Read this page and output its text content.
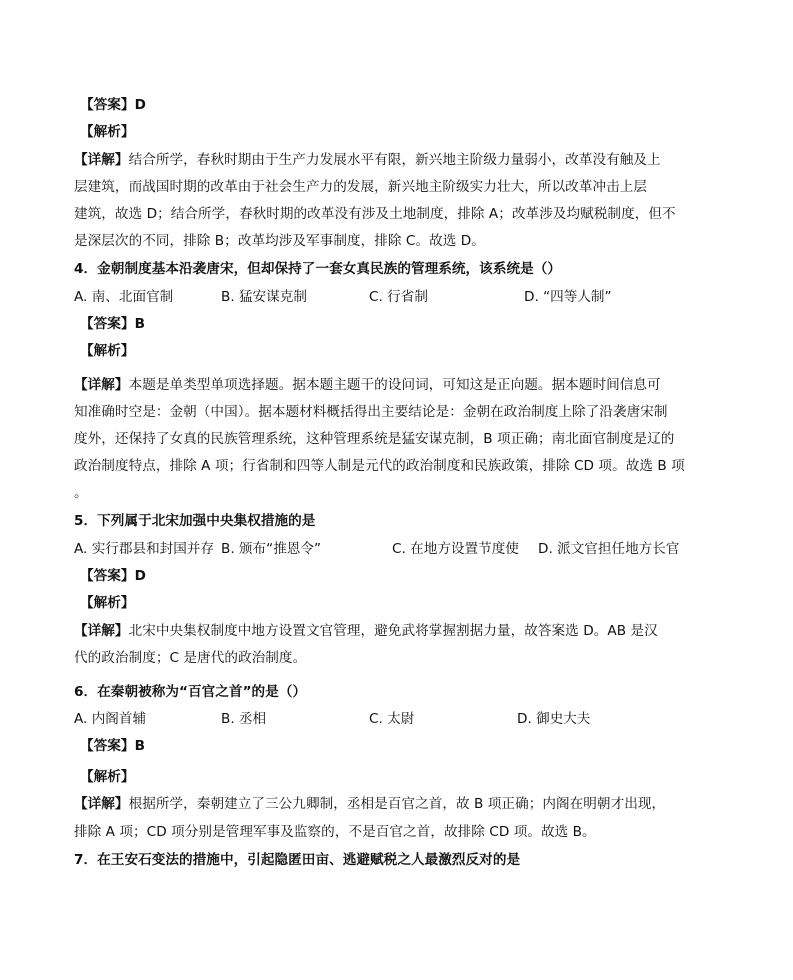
【答案】D
【解析】
【详解】结合所学，春秋时期由于生产力发展水平有限，新兴地主阶级力量弱小，改革没有触及上
层建筑，而战国时期的改革由于社会生产力的发展，新兴地主阶级实力壮大，所以改革冲击上层
建筑，故选 D；结合所学，春秋时期的改革没有涉及土地制度，排除 A；改革涉及均赋税制度，但不
是深层次的不同，排除 B；改革均涉及军事制度，排除 C。故选 D。
4．金朝制度基本沿袭唐宋，但却保持了一套女真民族的管理系统，该系统是（）
A. 南、北面官制	B. 猛安谋克制	C. 行省制	D. “四等人制”
【答案】B
【解析】
【详解】本题是单类型单项选择题。据本题主题干的设问词，可知这是正向题。据本题时间信息可
知准确时空是：金朝（中国）。据本题材料概括得出主要结论是：金朝在政治制度上除了沿袭唐宋制
度外，还保持了女真的民族管理系统，这种管理系统是猛安谋克制，B 项正确；南北面官制度是辽的
政治制度特点，排除 A 项；行省制和四等人制是元代的政治制度和民族政策，排除 CD 项。故选 B 项
。
5．下列属于北宋加强中央集权措施的是
A. 实行郡县和封国并存 B. 颁布“推恩令”	C. 在地方设置节度使 D. 派文官担任地方长官
【答案】D
【解析】
【详解】北宋中央集权制度中地方设置文官管理，避免武将掌握割据力量，故答案选 D。AB 是汉
代的政治制度；C 是唐代的政治制度。
6．在秦朝被称为“百官之首”的是（）
A. 内阁首辅	B. 丞相	C. 太尉	D. 御史大夫
【答案】B
【解析】
【详解】根据所学，秦朝建立了三公九卿制，丞相是百官之首，故 B 项正确；内阁在明朝才出现，
排除 A 项；CD 项分别是管理军事及监察的，不是百官之首，故排除 CD 项。故选 B。
7．在王安石变法的措施中，引起隐匿田亩、逃避赋税之人最激烈反对的是
